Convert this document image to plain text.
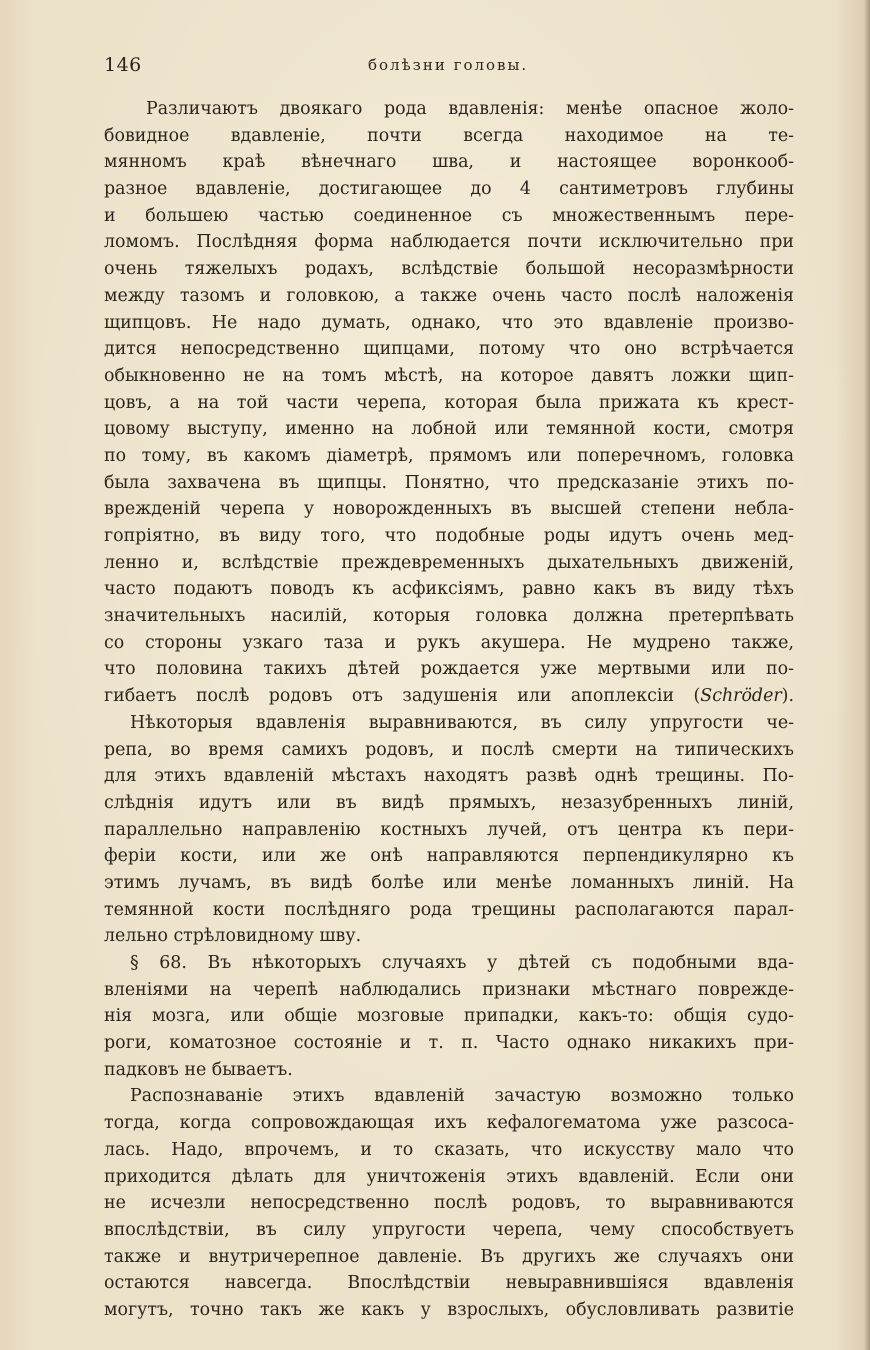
146	болѣзни головы.
Различаютъ двоякаго рода вдавленія: менѣе опасное жоло-
бовидное вдавленіе, почти всегда находимое на те-
мянномъ краѣ вѣнечнаго шва, и настоящее воронкооб-
разное вдавленіе, достигающее до 4 сантиметровъ глубины
и большею частью соединенное съ множественнымъ пере-
ломомъ. Послѣдняя форма наблюдается почти исключительно при
очень тяжелыхъ родахъ, вслѣдствіе большой несоразмѣрности
между тазомъ и головкою, а также очень часто послѣ наложенія
щипцовъ. Не надо думать, однако, что это вдавленіе произво-
дится непосредственно щипцами, потому что оно встрѣчается
обыкновенно не на томъ мѣстѣ, на которое давятъ ложки щип-
цовъ, а на той части черепа, которая была прижата къ крест-
цовому выступу, именно на лобной или темянной кости, смотря
по тому, въ какомъ діаметрѣ, прямомъ или поперечномъ, головка
была захвачена въ щипцы. Понятно, что предсказаніе этихъ по-
врежденій черепа у новорожденныхъ въ высшей степени небла-
гопріятно, въ виду того, что подобные роды идутъ очень мед-
ленно и, вслѣдствіе преждевременныхъ дыхательныхъ движеній,
часто подаютъ поводъ къ асфиксіямъ, равно какъ въ виду тѣхъ
значительныхъ насилій, которыя головка должна претерпѣвать
со стороны узкаго таза и рукъ акушера. Не мудрено также,
что половина такихъ дѣтей рождается уже мертвыми или по-
гибаетъ послѣ родовъ отъ задушенія или апоплексіи (Schröder).
Нѣкоторыя вдавленія выравниваются, въ силу упругости че-
репа, во время самихъ родовъ, и послѣ смерти на типическихъ
для этихъ вдавленій мѣстахъ находятъ развѣ однѣ трещины. По-
слѣднія идутъ или въ видѣ прямыхъ, незазубренныхъ линій,
параллельно направленію костныхъ лучей, отъ центра къ пери-
феріи кости, или же онѣ направляются перпендикулярно къ
этимъ лучамъ, въ видѣ болѣе или менѣе ломанныхъ линій. На
темянной кости послѣдняго рода трещины располагаются парал-
лельно стрѣловидному шву.
§ 68. Въ нѣкоторыхъ случаяхъ у дѣтей съ подобными вда-
вленіями на черепѣ наблюдались признаки мѣстнаго поврежде-
нія мозга, или общіе мозговые припадки, какъ-то: общія судо-
роги, коматозное состояніе и т. п. Часто однако никакихъ при-
падковъ не бываетъ.
Распознаваніе этихъ вдавленій зачастую возможно только
тогда, когда сопровождающая ихъ кефалогематома уже разсоса-
лась. Надо, впрочемъ, и то сказать, что искусству мало что
приходится дѣлать для уничтоженія этихъ вдавленій. Если они
не исчезли непосредственно послѣ родовъ, то выравниваются
впослѣдствіи, въ силу упругости черепа, чему способствуетъ
также и внутричерепное давленіе. Въ другихъ же случаяхъ они
остаются навсегда. Впослѣдствіи невыравнившіяся вдавленія
могутъ, точно такъ же какъ у взрослыхъ, обусловливать развитіе
